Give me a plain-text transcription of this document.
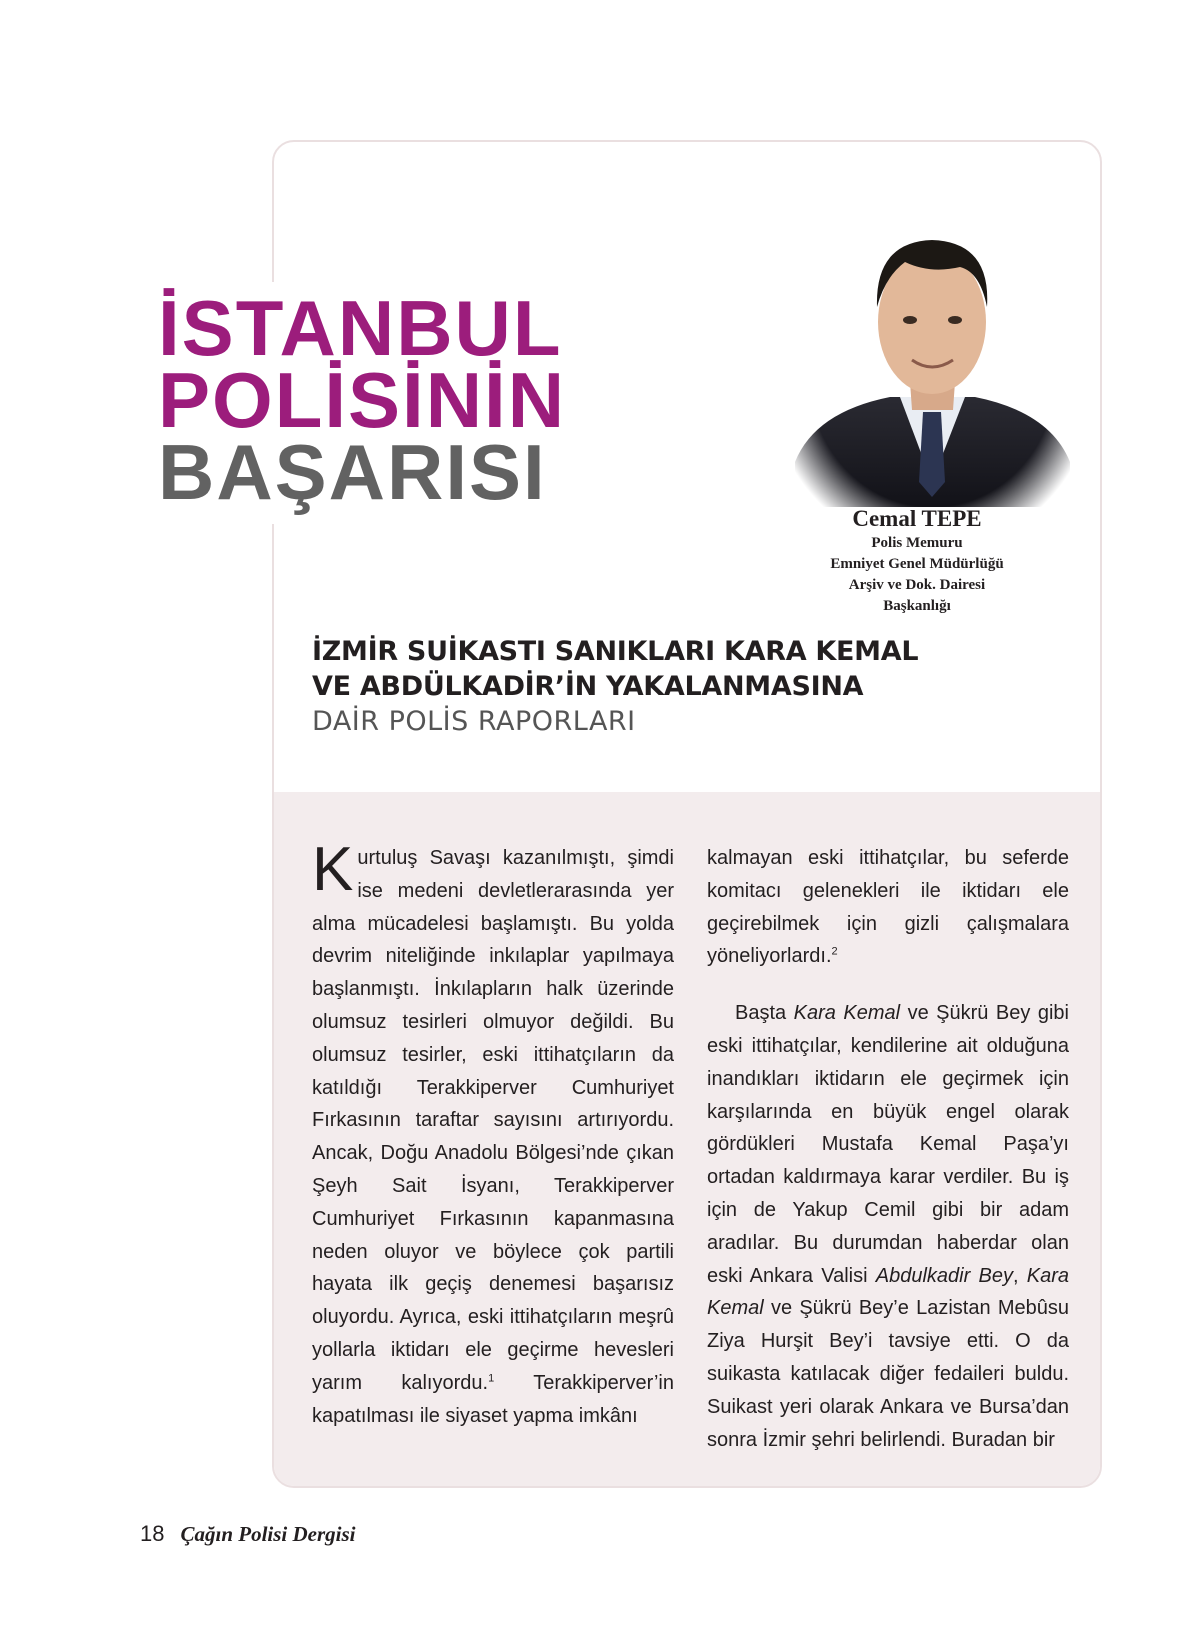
İSTANBUL
POLİSİNİN
BAŞARISI
Cemal TEPE
Polis Memuru
Emniyet Genel Müdürlüğü
Arşiv ve Dok. Dairesi
Başkanlığı
İZMİR SUİKASTI SANIKLARI KARA KEMAL
VE ABDÜLKADİR’İN YAKALANMASINA
DAİR POLİS RAPORLARI

Kurtuluş Savaşı kazanılmıştı, şimdi ise medeni devletlerarasında yer alma mücadelesi başlamıştı. Bu yolda devrim niteliğinde inkılaplar yapılmaya başlanmıştı. İnkılapların halk üzerinde olumsuz tesirleri olmuyor değildi. Bu olumsuz tesirler, eski ittihatçıların da katıldığı Terakkiperver Cumhuriyet Fırkasının taraftar sayısını artırıyordu. Ancak, Doğu Anadolu Bölgesi’nde çıkan Şeyh Sait İsyanı, Terakkiperver Cumhuriyet Fırkasının kapanmasına neden oluyor ve böylece çok partili hayata ilk geçiş denemesi başarısız oluyordu. Ayrıca, eski ittihatçıların meşrû yollarla iktidarı ele geçirme hevesleri yarım kalıyordu.$^1$ Terakkiperver’in kapatılması ile siyaset yapma imkânı

kalmayan eski ittihatçılar, bu seferde komitacı gelenekleri ile iktidarı ele geçirebilmek için gizli çalışmalara yöneliyorlardı.$^2$

Başta Kara Kemal ve Şükrü Bey gibi eski ittihatçılar, kendilerine ait olduğuna inandıkları iktidarın ele geçirmek için karşılarında en büyük engel olarak gördükleri Mustafa Kemal Paşa’yı ortadan kaldırmaya karar verdiler. Bu iş için de Yakup Cemil gibi bir adam aradılar. Bu durumdan haberdar olan eski Ankara Valisi Abdulkadir Bey, Kara Kemal ve Şükrü Bey’e Lazistan Mebûsu Ziya Hurşit Bey’i tavsiye etti. O da suikasta katılacak diğer fedaileri buldu. Suikast yeri olarak Ankara ve Bursa’dan sonra İzmir şehri belirlendi. Buradan bir

18 Çağın Polisi Dergisi
